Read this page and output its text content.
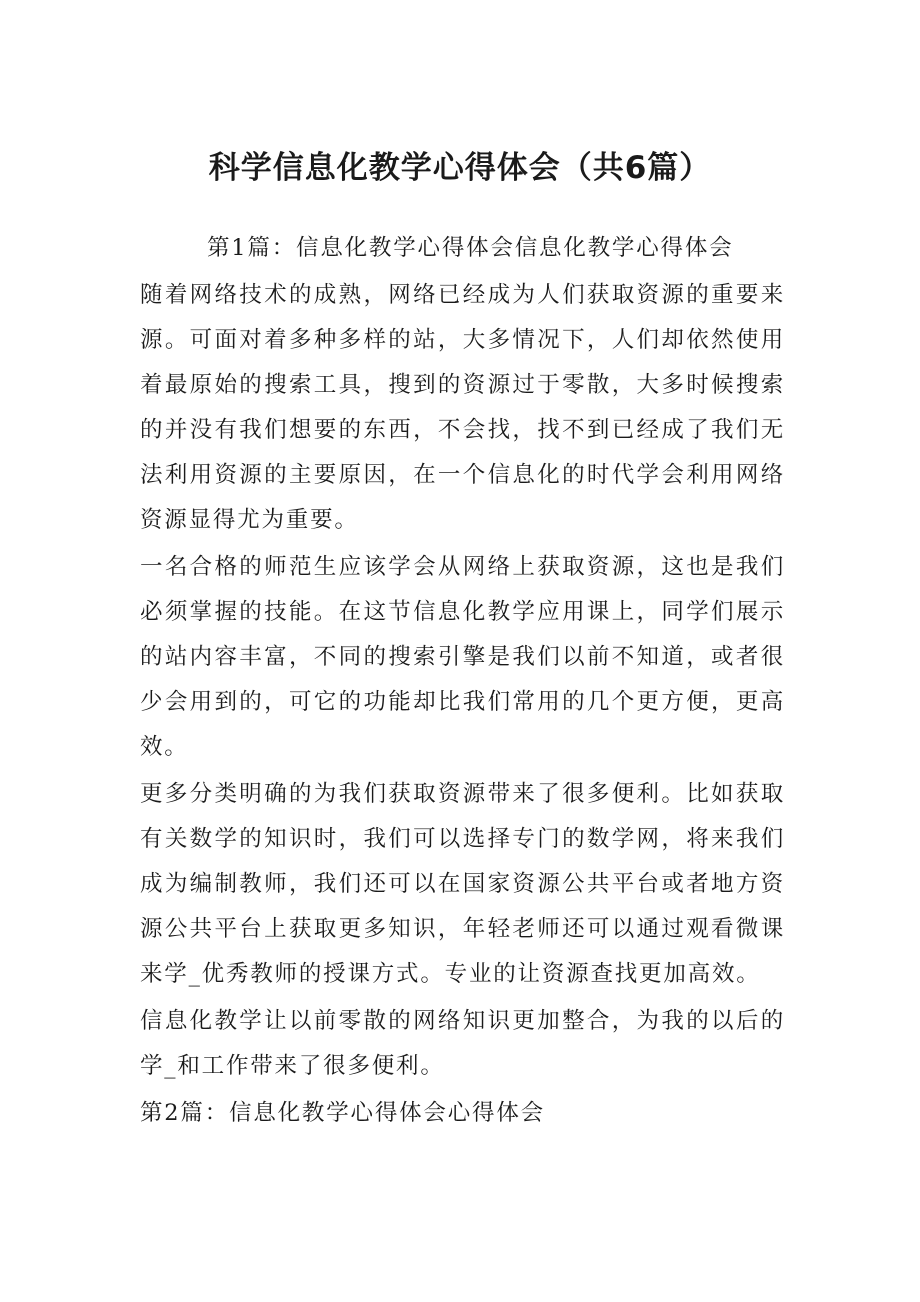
科学信息化教学心得体会（共6篇）

第1篇：信息化教学心得体会信息化教学心得体会

随着网络技术的成熟，网络已经成为人们获取资源的重要来源。可面对着多种多样的站，大多情况下，人们却依然使用着最原始的搜索工具，搜到的资源过于零散，大多时候搜索的并没有我们想要的东西，不会找，找不到已经成了我们无法利用资源的主要原因，在一个信息化的时代学会利用网络资源显得尤为重要。

一名合格的师范生应该学会从网络上获取资源，这也是我们必须掌握的技能。在这节信息化教学应用课上，同学们展示的站内容丰富，不同的搜索引擎是我们以前不知道，或者很少会用到的，可它的功能却比我们常用的几个更方便，更高效。

更多分类明确的为我们获取资源带来了很多便利。比如获取有关数学的知识时，我们可以选择专门的数学网，将来我们成为编制教师，我们还可以在国家资源公共平台或者地方资源公共平台上获取更多知识，年轻老师还可以通过观看微课来学_优秀教师的授课方式。专业的让资源查找更加高效。

信息化教学让以前零散的网络知识更加整合，为我的以后的学_和工作带来了很多便利。

第2篇：信息化教学心得体会心得体会
